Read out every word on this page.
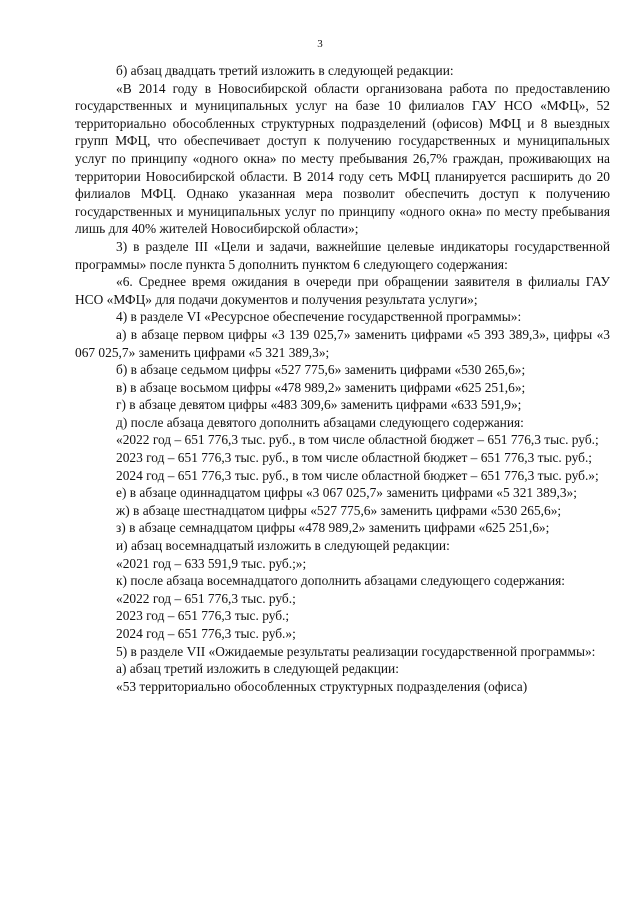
3

б) абзац двадцать третий изложить в следующей редакции:

«В 2014 году в Новосибирской области организована работа по предоставлению государственных и муниципальных услуг на базе 10 филиалов ГАУ НСО «МФЦ», 52 территориально обособленных структурных подразделений (офисов) МФЦ и 8 выездных групп МФЦ, что обеспечивает доступ к получению государственных и муниципальных услуг по принципу «одного окна» по месту пребывания 26,7% граждан, проживающих на территории Новосибирской области. В 2014 году сеть МФЦ планируется расширить до 20 филиалов МФЦ. Однако указанная мера позволит обеспечить доступ к получению государственных и муниципальных услуг по принципу «одного окна» по месту пребывания лишь для 40% жителей Новосибирской области»;

3) в разделе III «Цели и задачи, важнейшие целевые индикаторы государственной программы» после пункта 5 дополнить пунктом 6 следующего содержания:

«6. Среднее время ожидания в очереди при обращении заявителя в филиалы ГАУ НСО «МФЦ» для подачи документов и получения результата услуги»;

4) в разделе VI «Ресурсное обеспечение государственной программы»:

а) в абзаце первом цифры «3 139 025,7» заменить цифрами «5 393 389,3», цифры «3 067 025,7» заменить цифрами «5 321 389,3»;

б) в абзаце седьмом цифры «527 775,6» заменить цифрами «530 265,6»;

в) в абзаце восьмом цифры «478 989,2» заменить цифрами «625 251,6»;

г) в абзаце девятом цифры «483 309,6» заменить цифрами «633 591,9»;

д) после абзаца девятого дополнить абзацами следующего содержания:

«2022 год – 651 776,3 тыс. руб., в том числе областной бюджет – 651 776,3 тыс. руб.;

2023 год – 651 776,3 тыс. руб., в том числе областной бюджет – 651 776,3 тыс. руб.;

2024 год – 651 776,3 тыс. руб., в том числе областной бюджет – 651 776,3 тыс. руб.»;

е) в абзаце одиннадцатом цифры «3 067 025,7» заменить цифрами «5 321 389,3»;

ж) в абзаце шестнадцатом цифры «527 775,6» заменить цифрами «530 265,6»;

з) в абзаце семнадцатом цифры «478 989,2» заменить цифрами «625 251,6»;

и) абзац восемнадцатый изложить в следующей редакции:

«2021 год – 633 591,9 тыс. руб.;»;

к) после абзаца восемнадцатого дополнить абзацами следующего содержания:

«2022 год – 651 776,3 тыс. руб.;

2023 год – 651 776,3 тыс. руб.;

2024 год – 651 776,3 тыс. руб.»;

5) в разделе VII «Ожидаемые результаты реализации государственной программы»:

а) абзац третий изложить в следующей редакции:

«53 территориально обособленных структурных подразделения (офиса)
